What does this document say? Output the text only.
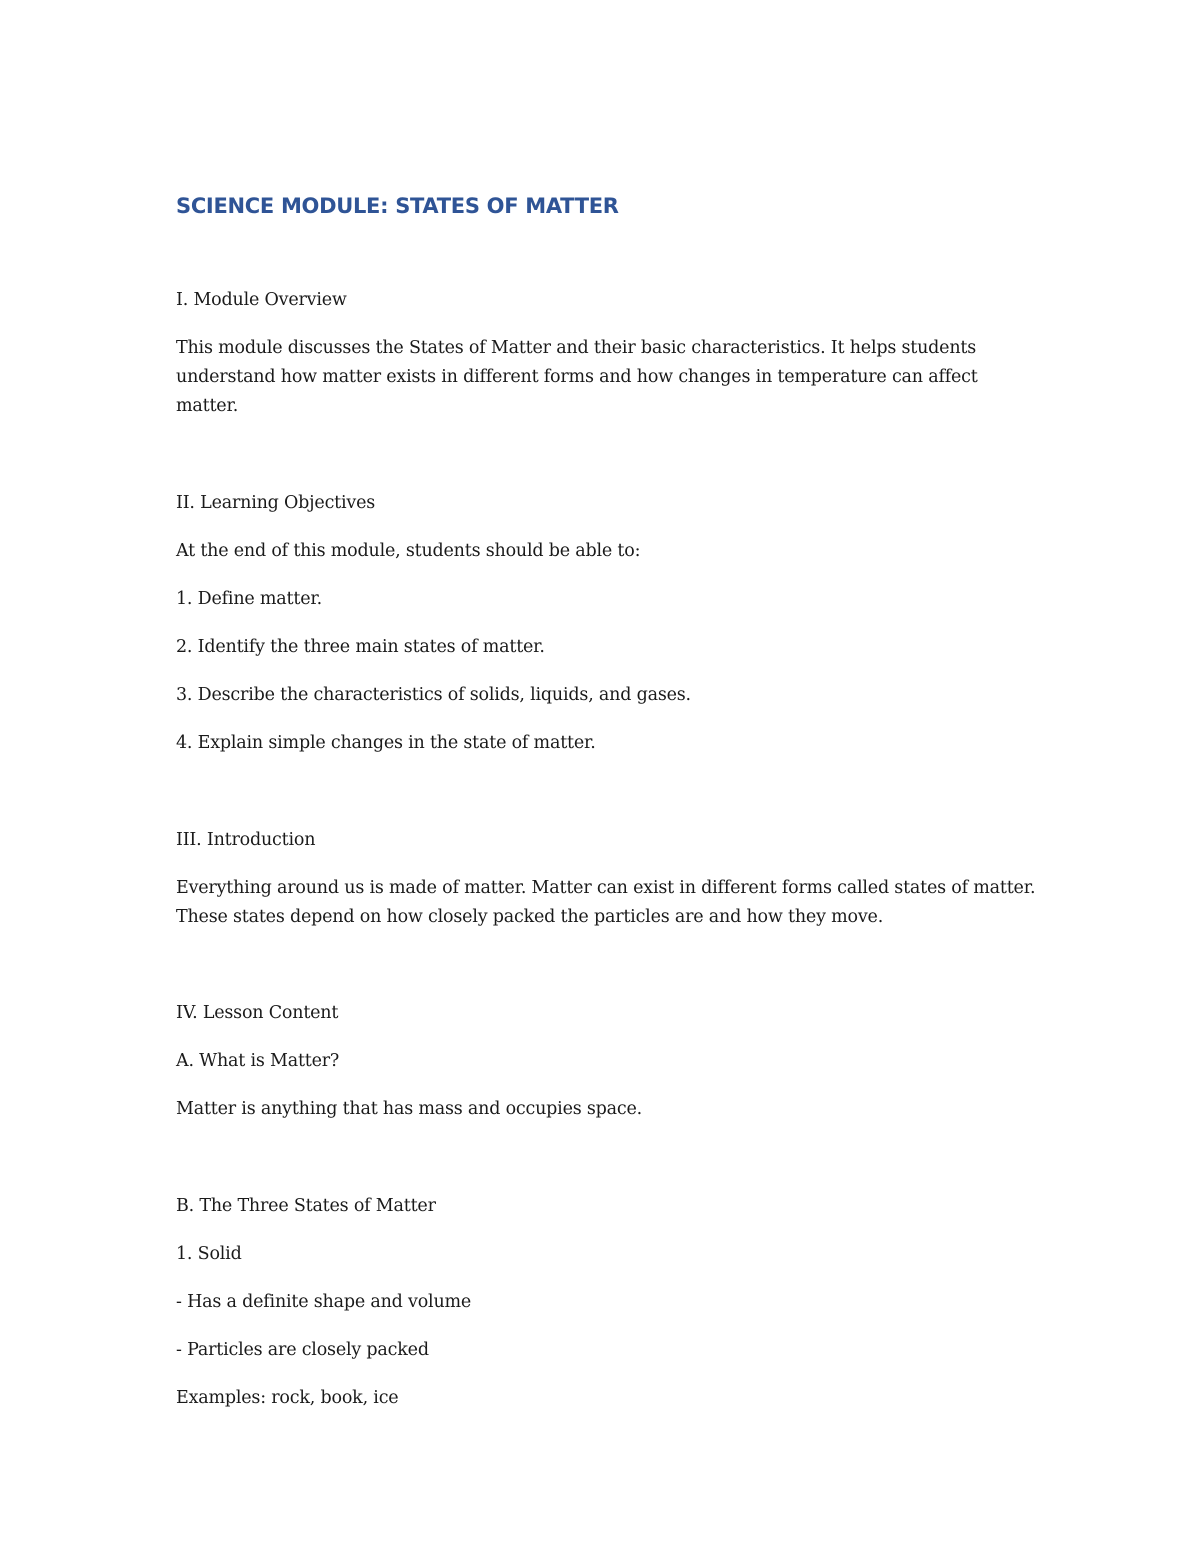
SCIENCE MODULE: STATES OF MATTER

I. Module Overview

This module discusses the States of Matter and their basic characteristics. It helps students understand how matter exists in different forms and how changes in temperature can affect matter.

II. Learning Objectives

At the end of this module, students should be able to:

1. Define matter.

2. Identify the three main states of matter.

3. Describe the characteristics of solids, liquids, and gases.

4. Explain simple changes in the state of matter.

III. Introduction

Everything around us is made of matter. Matter can exist in different forms called states of matter. These states depend on how closely packed the particles are and how they move.

IV. Lesson Content

A. What is Matter?

Matter is anything that has mass and occupies space.

B. The Three States of Matter

1. Solid

- Has a definite shape and volume

- Particles are closely packed

Examples: rock, book, ice
